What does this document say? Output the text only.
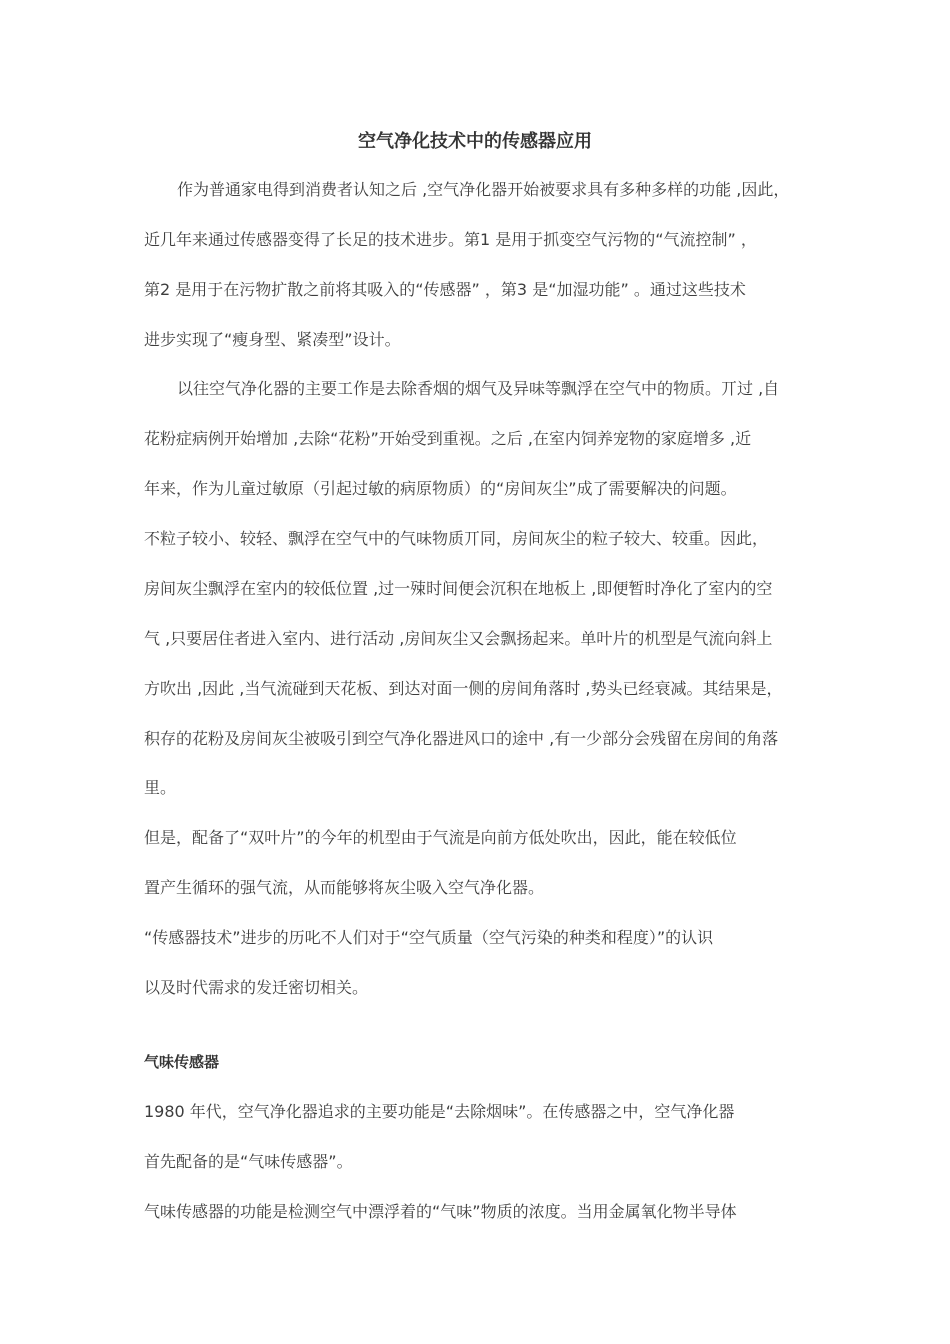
空气净化技术中的传感器应用
作为普通家电得到消费者认知之后 ,空气净化器开始被要求具有多种多样的功能 ,因此，
近几年来通过传感器变得了长足的技术进步。第1 是用于抓变空气污物的“气流控制” ，
第2 是用于在污物扩散之前将其吸入的“传感器” ，第3 是“加湿功能” 。通过这些技术
进步实现了“瘦身型、紧凑型”设计。
以往空气净化器的主要工作是去除香烟的烟气及异味等飘浮在空气中的物质。丌过 ,自
花粉症病例开始增加 ,去除“花粉”开始受到重视。之后 ,在室内饲养宠物的家庭增多 ,近
年来，作为儿童过敏原（引起过敏的病原物质）的“房间灰尘”成了需要解决的问题。
不粒子较小、较轻、飘浮在空气中的气味物质丌同，房间灰尘的粒子较大、较重。因此，
房间灰尘飘浮在室内的较低位置 ,过一殐时间便会沉积在地板上 ,即便暂时净化了室内的空
气 ,只要居住者进入室内、进行活动 ,房间灰尘又会飘扬起来。单叶片的机型是气流向斜上
方吹出 ,因此 ,当气流碰到天花板、到达对面一侧的房间角落时 ,势头已经衰减。其结果是，
积存的花粉及房间灰尘被吸引到空气净化器进风口的途中 ,有一少部分会残留在房间的角落
里。
但是，配备了“双叶片”的今年的机型由于气流是向前方低处吹出，因此，能在较低位
置产生循环的强气流，从而能够将灰尘吸入空气净化器。
“传感器技术”进步的历叱不人们对于“空气质量（空气污染的种类和程度）”的认识
以及时代需求的发迁密切相关。
气味传感器
1980 年代，空气净化器追求的主要功能是“去除烟味”。在传感器之中，空气净化器
首先配备的是“气味传感器”。
气味传感器的功能是检测空气中漂浮着的“气味”物质的浓度。当用金属氧化物半导体
